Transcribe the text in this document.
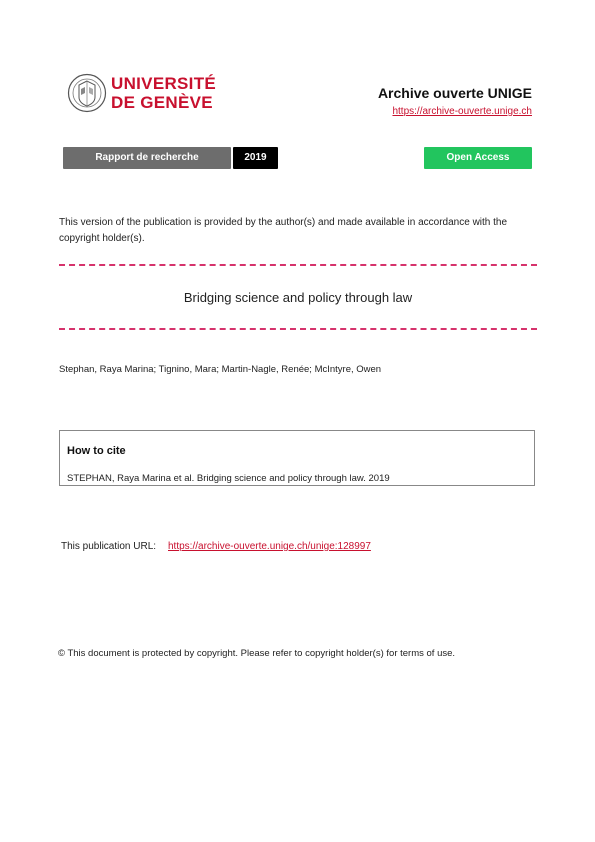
UNIVERSITÉ
DE GENÈVE	Archive ouverte UNIGE
https://archive-ouverte.unige.ch
Rapport de recherche	2019	Open Access
This version of the publication is provided by the author(s) and made available in accordance with the copyright holder(s).
Bridging science and policy through law
Stephan, Raya Marina; Tignino, Mara; Martin-Nagle, Renée; McIntyre, Owen
How to cite
STEPHAN, Raya Marina et al. Bridging science and policy through law. 2019
This publication URL: https://archive-ouverte.unige.ch/unige:128997
© This document is protected by copyright. Please refer to copyright holder(s) for terms of use.
